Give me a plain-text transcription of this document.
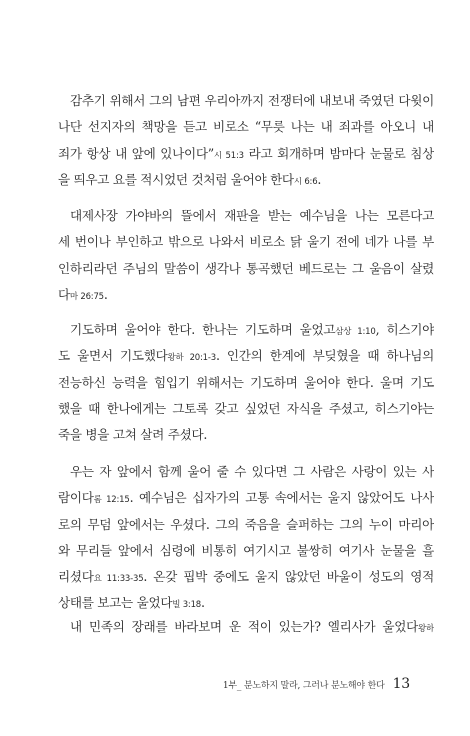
감추기 위해서 그의 남편 우리아까지 전쟁터에 내보내 죽였던 다윗이
나단 선지자의 책망을 듣고 비로소 “무릇 나는 내 죄과를 아오니 내
죄가 항상 내 앞에 있나이다”시 51:3 라고 회개하며 밤마다 눈물로 침상
을 띄우고 요를 적시었던 것처럼 울어야 한다시 6:6.
대제사장 가야바의 뜰에서 재판을 받는 예수님을 나는 모른다고
세 번이나 부인하고 밖으로 나와서 비로소 닭 울기 전에 네가 나를 부
인하리라던 주님의 말씀이 생각나 통곡했던 베드로는 그 울음이 살렸
다마 26:75.
기도하며 울어야 한다. 한나는 기도하며 울었고삼상 1:10, 히스기야
도 울면서 기도했다왕하 20:1-3. 인간의 한계에 부딪혔을 때 하나님의
전능하신 능력을 힘입기 위해서는 기도하며 울어야 한다. 울며 기도
했을 때 한나에게는 그토록 갖고 싶었던 자식을 주셨고, 히스기야는
죽을 병을 고쳐 살려 주셨다.
우는 자 앞에서 함께 울어 줄 수 있다면 그 사람은 사랑이 있는 사
람이다롬 12:15. 예수님은 십자가의 고통 속에서는 울지 않았어도 나사
로의 무덤 앞에서는 우셨다. 그의 죽음을 슬퍼하는 그의 누이 마리아
와 무리들 앞에서 심령에 비통히 여기시고 불쌍히 여기사 눈물을 흘
리셨다요 11:33-35. 온갖 핍박 중에도 울지 않았던 바울이 성도의 영적
상태를 보고는 울었다빌 3:18.
내 민족의 장래를 바라보며 운 적이 있는가? 엘리사가 울었다왕하
1부_ 분노하지 말라, 그러나 분노해야 한다 13
